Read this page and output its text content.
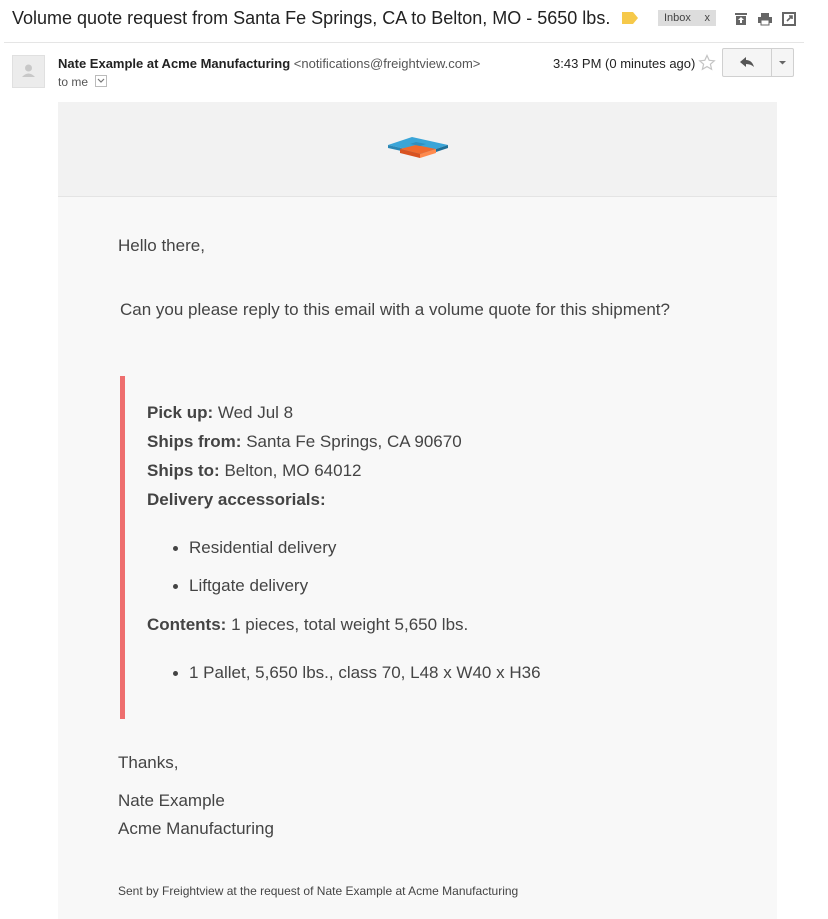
Volume quote request from Santa Fe Springs, CA to Belton, MO - 5650 lbs.	Inbox x
Nate Example at Acme Manufacturing <notifications@freightview.com>
to me
3:43 PM (0 minutes ago)
Hello there,
Can you please reply to this email with a volume quote for this shipment?
Pick up: Wed Jul 8
Ships from: Santa Fe Springs, CA 90670
Ships to: Belton, MO 64012
Delivery accessorials:
Residential delivery
Liftgate delivery
Contents: 1 pieces, total weight 5,650 lbs.
1 Pallet, 5,650 lbs., class 70, L48 x W40 x H36
Thanks,
Nate Example
Acme Manufacturing
Sent by Freightview at the request of Nate Example at Acme Manufacturing
